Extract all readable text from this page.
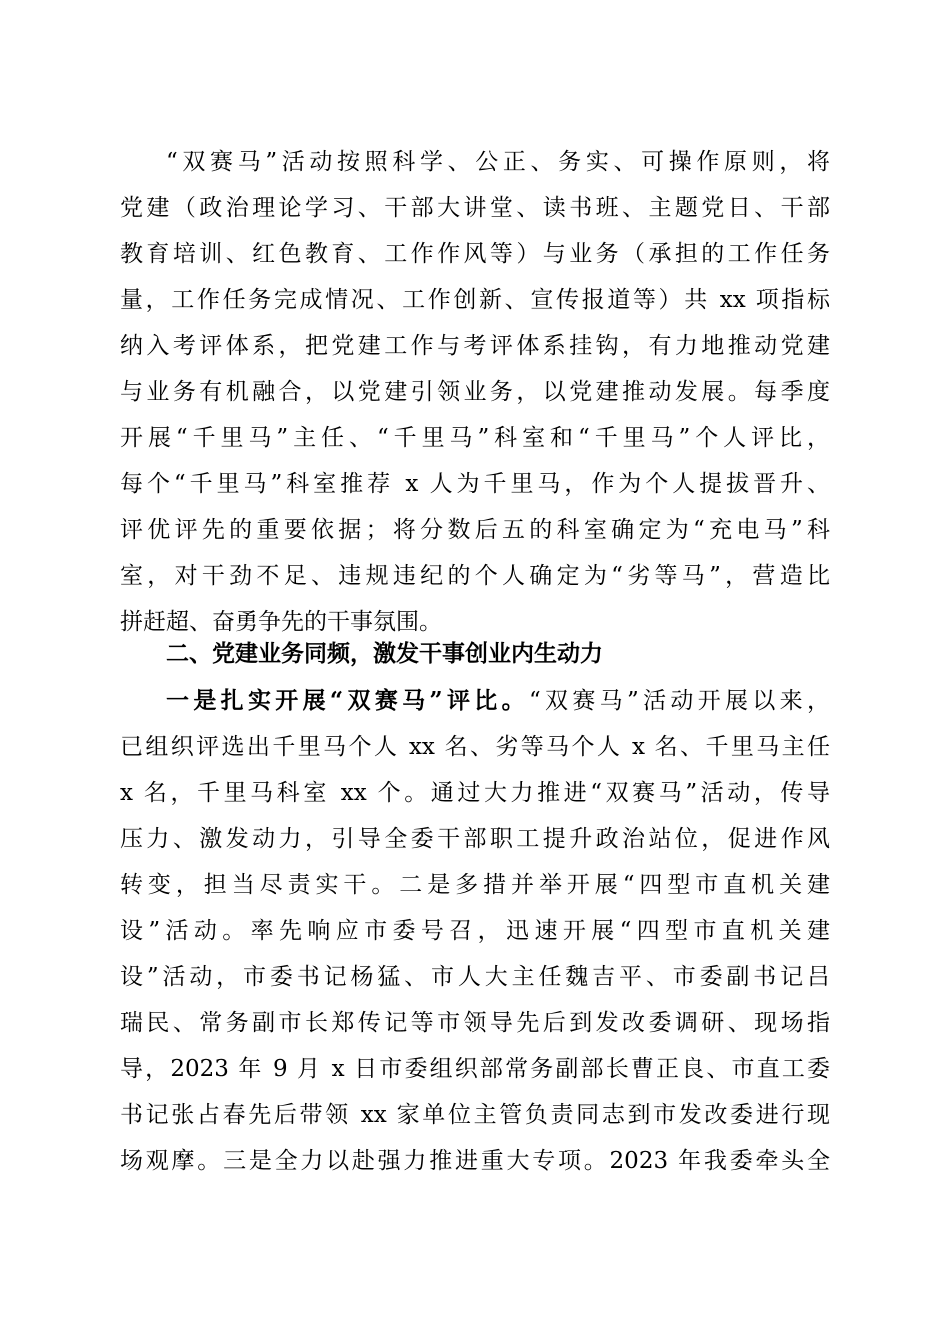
“双赛马”活动按照科学、公正、务实、可操作原则，将
党建（政治理论学习、干部大讲堂、读书班、主题党日、干部
教育培训、红色教育、工作作风等）与业务（承担的工作任务
量，工作任务完成情况、工作创新、宣传报道等）共 xx 项指标
纳入考评体系，把党建工作与考评体系挂钩，有力地推动党建
与业务有机融合，以党建引领业务，以党建推动发展。每季度
开展“千里马”主任、“千里马”科室和“千里马”个人评比，
每个“千里马”科室推荐 x 人为千里马，作为个人提拔晋升、
评优评先的重要依据；将分数后五的科室确定为“充电马”科
室，对干劲不足、违规违纪的个人确定为“劣等马”，营造比
拼赶超、奋勇争先的干事氛围。
二、党建业务同频，激发干事创业内生动力
一是扎实开展“双赛马”评比。“双赛马”活动开展以来，
已组织评选出千里马个人 xx 名、劣等马个人 x 名、千里马主任
x 名，千里马科室 xx 个。通过大力推进“双赛马”活动，传导
压力、激发动力，引导全委干部职工提升政治站位，促进作风
转变，担当尽责实干。二是多措并举开展“四型市直机关建
设”活动。率先响应市委号召，迅速开展“四型市直机关建
设”活动，市委书记杨猛、市人大主任魏吉平、市委副书记吕
瑞民、常务副市长郑传记等市领导先后到发改委调研、现场指
导，2023 年 9 月 x 日市委组织部常务副部长曹正良、市直工委
书记张占春先后带领 xx 家单位主管负责同志到市发改委进行现
场观摩。三是全力以赴强力推进重大专项。2023 年我委牵头全
